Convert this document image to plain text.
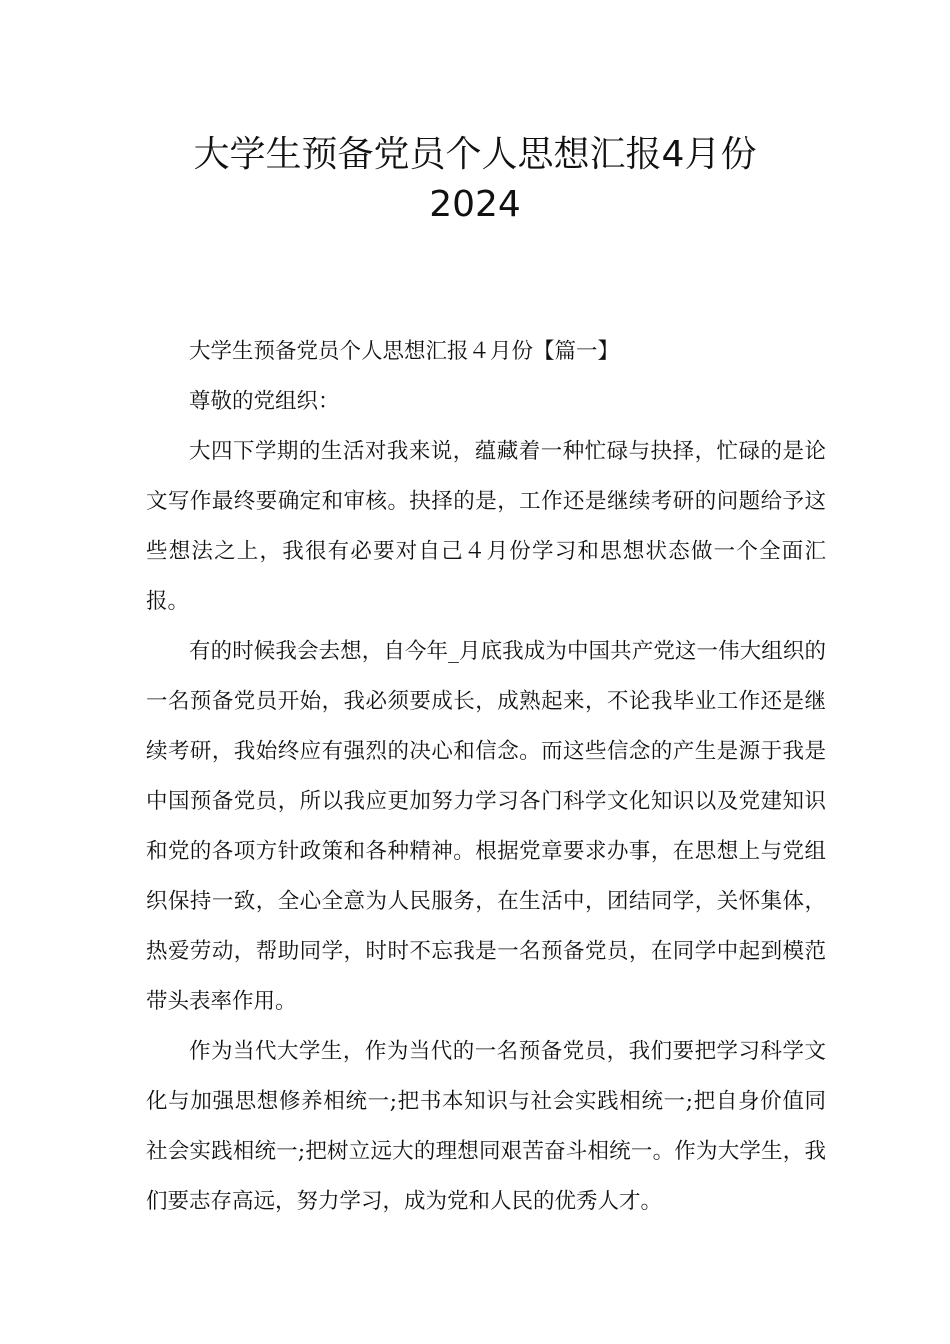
大学生预备党员个人思想汇报4月份
2024

大学生预备党员个人思想汇报４月份【篇一】

尊敬的党组织：

大四下学期的生活对我来说，蕴藏着一种忙碌与抉择，忙碌的是论文写作最终要确定和审核。抉择的是，工作还是继续考研的问题给予这些想法之上，我很有必要对自己４月份学习和思想状态做一个全面汇报。

有的时候我会去想，自今年_月底我成为中国共产党这一伟大组织的一名预备党员开始，我必须要成长，成熟起来，不论我毕业工作还是继续考研，我始终应有强烈的决心和信念。而这些信念的产生是源于我是中国预备党员，所以我应更加努力学习各门科学文化知识以及党建知识和党的各项方针政策和各种精神。根据党章要求办事，在思想上与党组织保持一致，全心全意为人民服务，在生活中，团结同学，关怀集体，热爱劳动，帮助同学，时时不忘我是一名预备党员，在同学中起到模范带头表率作用。

作为当代大学生，作为当代的一名预备党员，我们要把学习科学文化与加强思想修养相统一;把书本知识与社会实践相统一;把自身价值同社会实践相统一;把树立远大的理想同艰苦奋斗相统一。作为大学生，我们要志存高远，努力学习，成为党和人民的优秀人才。
